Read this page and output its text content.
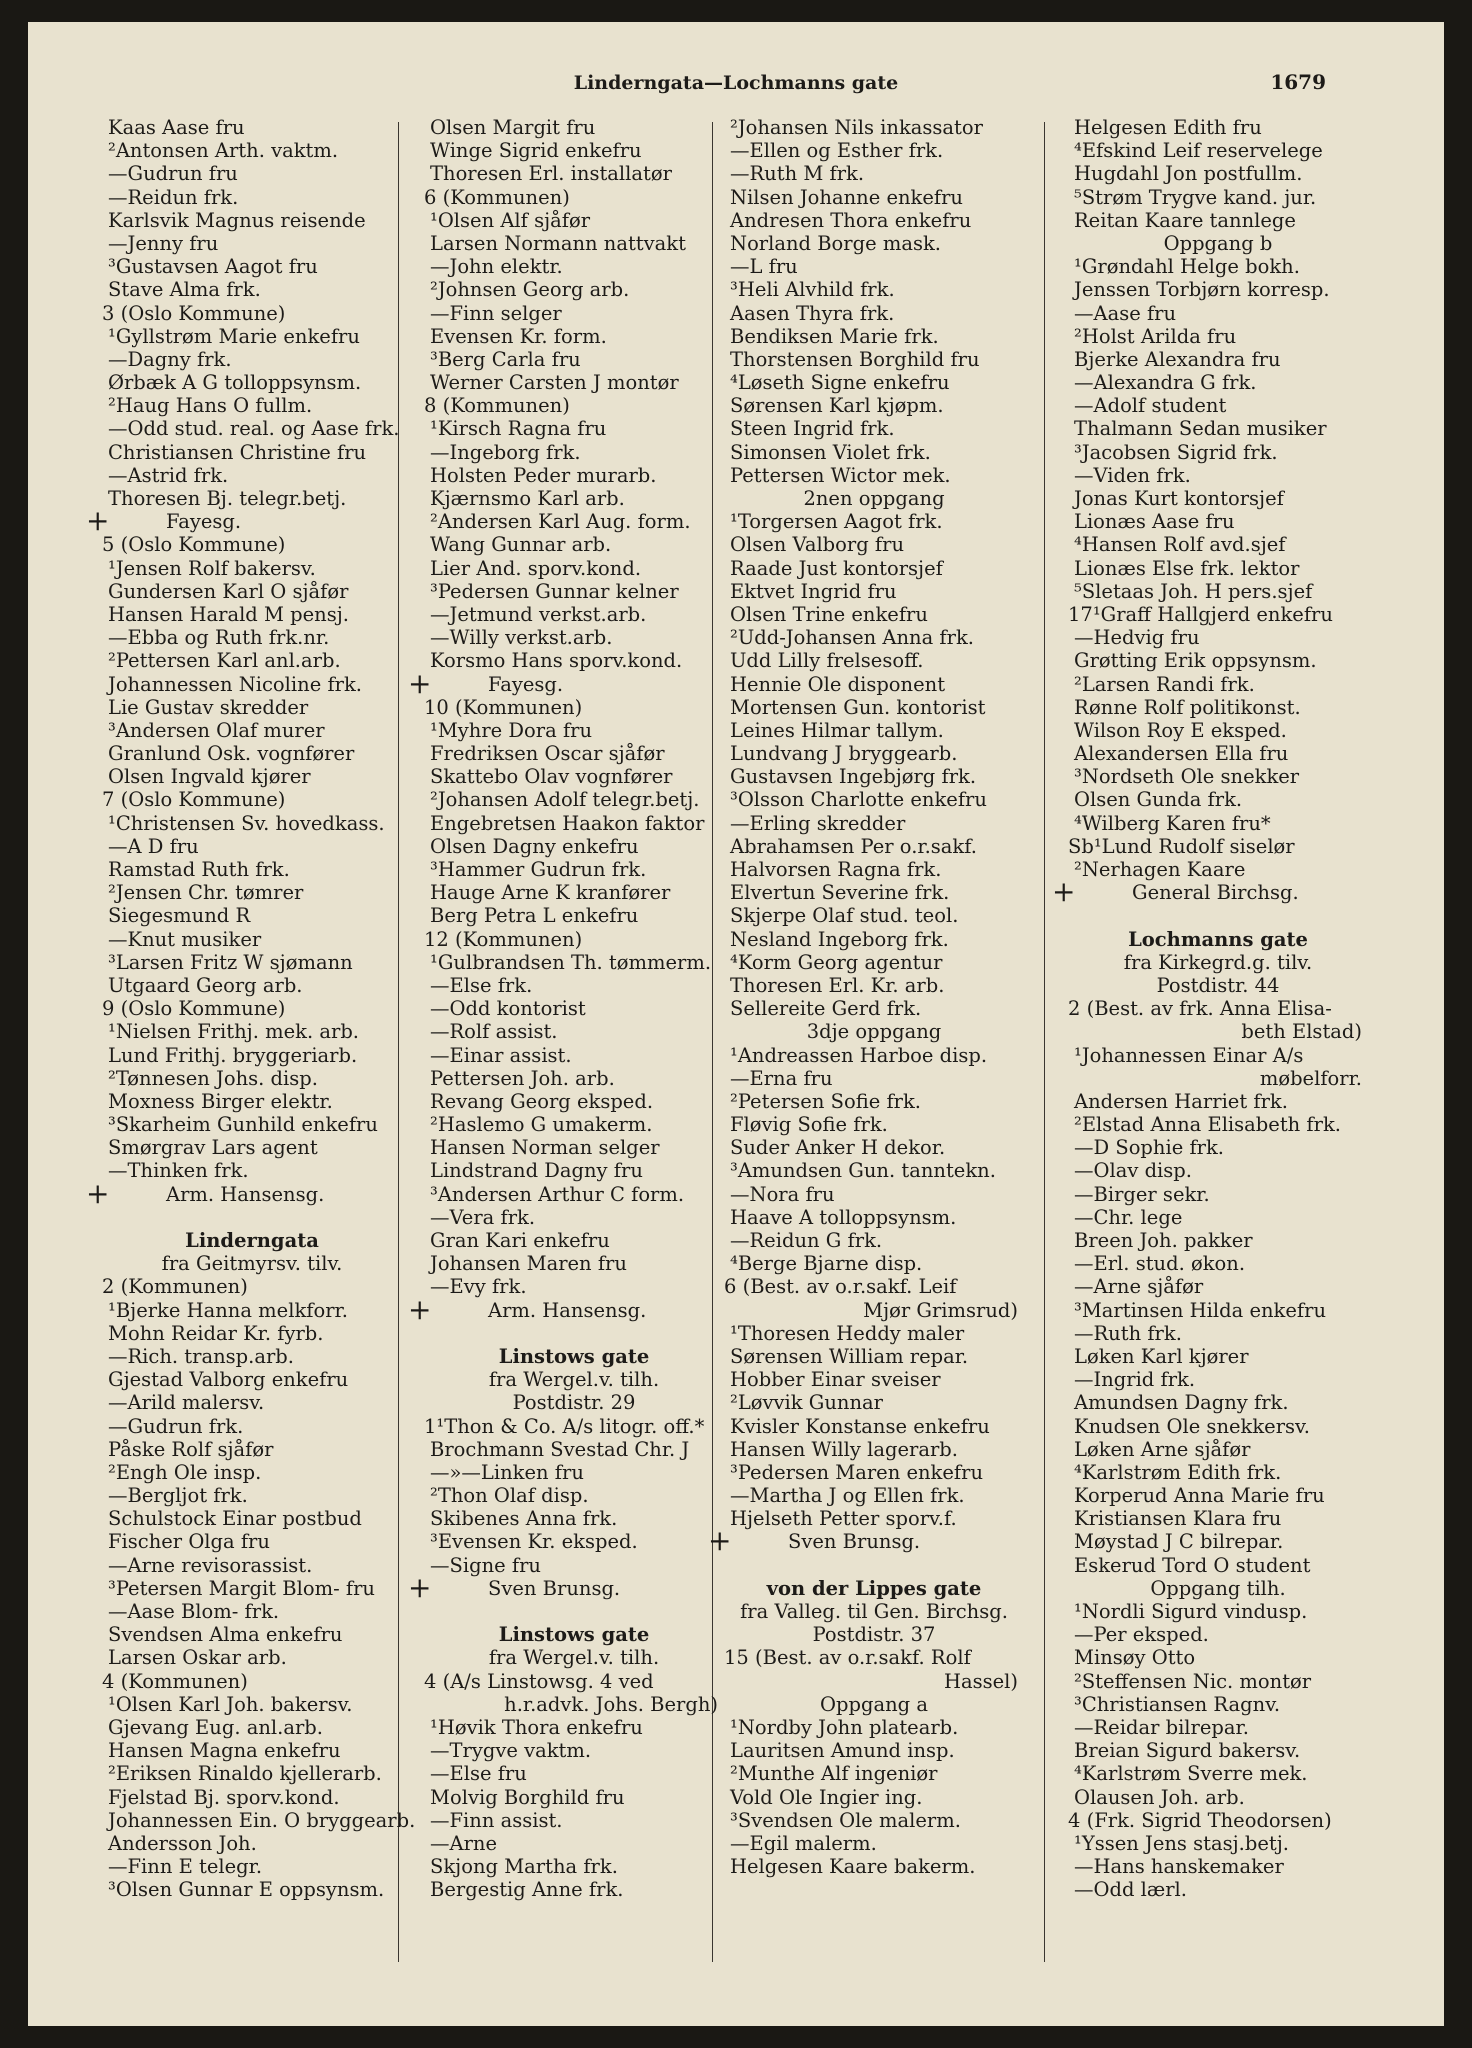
Linderngata—Lochmanns gate	1679
Kaas Aase fru
²Antonsen Arth. vaktm.
—Gudrun fru
—Reidun frk.
Karlsvik Magnus reisende
—Jenny fru
³Gustavsen Aagot fru
Stave Alma frk.
3 (Oslo Kommune)
¹Gyllstrøm Marie enkefru
—Dagny frk.
Ørbæk A G tolloppsynsm.
²Haug Hans O fullm.
—Odd stud. real. og Aase frk.
Christiansen Christine fru
—Astrid frk.
Thoresen Bj. telegr.betj.
+	Fayesg.
5 (Oslo Kommune)
¹Jensen Rolf bakersv.
Gundersen Karl O sjåfør
Hansen Harald M pensj.
—Ebba og Ruth frk.nr.
²Pettersen Karl anl.arb.
Johannessen Nicoline frk.
Lie Gustav skredder
³Andersen Olaf murer
Granlund Osk. vognfører
Olsen Ingvald kjører
7 (Oslo Kommune)
¹Christensen Sv. hovedkass.
—A D fru
Ramstad Ruth frk.
²Jensen Chr. tømrer
Siegesmund R
—Knut musiker
³Larsen Fritz W sjømann
Utgaard Georg arb.
9 (Oslo Kommune)
¹Nielsen Frithj. mek. arb.
Lund Frithj. bryggeriarb.
²Tønnesen Johs. disp.
Moxness Birger elektr.
³Skarheim Gunhild enkefru
Smørgrav Lars agent
—Thinken frk.
+	Arm. Hansensg.
Linderngata
fra Geitmyrsv. tilv.
2 (Kommunen)
¹Bjerke Hanna melkforr.
Mohn Reidar Kr. fyrb.
—Rich. transp.arb.
Gjestad Valborg enkefru
—Arild malersv.
—Gudrun frk.
Påske Rolf sjåfør
²Engh Ole insp.
—Bergljot frk.
Schulstock Einar postbud
Fischer Olga fru
—Arne revisorassist.
³Petersen Margit Blom- fru
—Aase Blom- frk.
Svendsen Alma enkefru
Larsen Oskar arb.
4 (Kommunen)
¹Olsen Karl Joh. bakersv.
Gjevang Eug. anl.arb.
Hansen Magna enkefru
²Eriksen Rinaldo kjellerarb.
Fjelstad Bj. sporv.kond.
Johannessen Ein. O bryggearb.
Andersson Joh.
—Finn E telegr.
³Olsen Gunnar E oppsynsm.
Olsen Margit fru
Winge Sigrid enkefru
Thoresen Erl. installatør
6 (Kommunen)
¹Olsen Alf sjåfør
Larsen Normann nattvakt
—John elektr.
²Johnsen Georg arb.
—Finn selger
Evensen Kr. form.
³Berg Carla fru
Werner Carsten J montør
8 (Kommunen)
¹Kirsch Ragna fru
—Ingeborg frk.
Holsten Peder murarb.
Kjærnsmo Karl arb.
²Andersen Karl Aug. form.
Wang Gunnar arb.
Lier And. sporv.kond.
³Pedersen Gunnar kelner
—Jetmund verkst.arb.
—Willy verkst.arb.
Korsmo Hans sporv.kond.
+	Fayesg.
10 (Kommunen)
¹Myhre Dora fru
Fredriksen Oscar sjåfør
Skattebo Olav vognfører
²Johansen Adolf telegr.betj.
Engebretsen Haakon faktor
Olsen Dagny enkefru
³Hammer Gudrun frk.
Hauge Arne K kranfører
Berg Petra L enkefru
12 (Kommunen)
¹Gulbrandsen Th. tømmerm.
—Else frk.
—Odd kontorist
—Rolf assist.
—Einar assist.
Pettersen Joh. arb.
Revang Georg eksped.
²Haslemo G umakerm.
Hansen Norman selger
Lindstrand Dagny fru
³Andersen Arthur C form.
—Vera frk.
Gran Kari enkefru
Johansen Maren fru
—Evy frk.
+	Arm. Hansensg.
Linstows gate
fra Wergel.v. tilh.
Postdistr. 29
1¹Thon & Co. A/s litogr. off.*
Brochmann Svestad Chr. J
—»—Linken fru
²Thon Olaf disp.
Skibenes Anna frk.
³Evensen Kr. eksped.
—Signe fru
+	Sven Brunsg.
Linstows gate
fra Wergel.v. tilh.
4 (A/s Linstowsg. 4 ved
h.r.advk. Johs. Bergh)
¹Høvik Thora enkefru
—Trygve vaktm.
—Else fru
Molvig Borghild fru
—Finn assist.
—Arne
Skjong Martha frk.
Bergestig Anne frk.
²Johansen Nils inkassator
—Ellen og Esther frk.
—Ruth M frk.
Nilsen Johanne enkefru
Andresen Thora enkefru
Norland Borge mask.
—L fru
³Heli Alvhild frk.
Aasen Thyra frk.
Bendiksen Marie frk.
Thorstensen Borghild fru
⁴Løseth Signe enkefru
Sørensen Karl kjøpm.
Steen Ingrid frk.
Simonsen Violet frk.
Pettersen Wictor mek.
2nen oppgang
¹Torgersen Aagot frk.
Olsen Valborg fru
Raade Just kontorsjef
Ektvet Ingrid fru
Olsen Trine enkefru
²Udd-Johansen Anna frk.
Udd Lilly frelsesoff.
Hennie Ole disponent
Mortensen Gun. kontorist
Leines Hilmar tallym.
Lundvang J bryggearb.
Gustavsen Ingebjørg frk.
³Olsson Charlotte enkefru
—Erling skredder
Abrahamsen Per o.r.sakf.
Halvorsen Ragna frk.
Elvertun Severine frk.
Skjerpe Olaf stud. teol.
Nesland Ingeborg frk.
⁴Korm Georg agentur
Thoresen Erl. Kr. arb.
Sellereite Gerd frk.
3dje oppgang
¹Andreassen Harboe disp.
—Erna fru
²Petersen Sofie frk.
Fløvig Sofie frk.
Suder Anker H dekor.
³Amundsen Gun. tanntekn.
—Nora fru
Haave A tolloppsynsm.
—Reidun G frk.
⁴Berge Bjarne disp.
6 (Best. av o.r.sakf. Leif
Mjør Grimsrud)
¹Thoresen Heddy maler
Sørensen William repar.
Hobber Einar sveiser
²Løvvik Gunnar
Kvisler Konstanse enkefru
Hansen Willy lagerarb.
³Pedersen Maren enkefru
—Martha J og Ellen frk.
Hjelseth Petter sporv.f.
+	Sven Brunsg.
von der Lippes gate
fra Valleg. til Gen. Birchsg.
Postdistr. 37
15 (Best. av o.r.sakf. Rolf
Hassel)
Oppgang a
¹Nordby John platearb.
Lauritsen Amund insp.
²Munthe Alf ingeniør
Vold Ole Ingier ing.
³Svendsen Ole malerm.
—Egil malerm.
Helgesen Kaare bakerm.
Helgesen Edith fru
⁴Efskind Leif reservelege
Hugdahl Jon postfullm.
⁵Strøm Trygve kand. jur.
Reitan Kaare tannlege
Oppgang b
¹Grøndahl Helge bokh.
Jenssen Torbjørn korresp.
—Aase fru
²Holst Arilda fru
Bjerke Alexandra fru
—Alexandra G frk.
—Adolf student
Thalmann Sedan musiker
³Jacobsen Sigrid frk.
—Viden frk.
Jonas Kurt kontorsjef
Lionæs Aase fru
⁴Hansen Rolf avd.sjef
Lionæs Else frk. lektor
⁵Sletaas Joh. H pers.sjef
17¹Graff Hallgjerd enkefru
—Hedvig fru
Grøtting Erik oppsynsm.
²Larsen Randi frk.
Rønne Rolf politikonst.
Wilson Roy E eksped.
Alexandersen Ella fru
³Nordseth Ole snekker
Olsen Gunda frk.
⁴Wilberg Karen fru*
Sb¹Lund Rudolf siselør
²Nerhagen Kaare
+	General Birchsg.
Lochmanns gate
fra Kirkegrd.g. tilv.
Postdistr. 44
2 (Best. av frk. Anna Elisa-
beth Elstad)
¹Johannessen Einar A/s
møbelforr.
Andersen Harriet frk.
²Elstad Anna Elisabeth frk.
—D Sophie frk.
—Olav disp.
—Birger sekr.
—Chr. lege
Breen Joh. pakker
—Erl. stud. økon.
—Arne sjåfør
³Martinsen Hilda enkefru
—Ruth frk.
Løken Karl kjører
—Ingrid frk.
Amundsen Dagny frk.
Knudsen Ole snekkersv.
Løken Arne sjåfør
⁴Karlstrøm Edith frk.
Korperud Anna Marie fru
Kristiansen Klara fru
Møystad J C bilrepar.
Eskerud Tord O student
Oppgang tilh.
¹Nordli Sigurd vindusp.
—Per eksped.
Minsøy Otto
²Steffensen Nic. montør
³Christiansen Ragnv.
—Reidar bilrepar.
Breian Sigurd bakersv.
⁴Karlstrøm Sverre mek.
Olausen Joh. arb.
4 (Frk. Sigrid Theodorsen)
¹Yssen Jens stasj.betj.
—Hans hanskemaker
—Odd lærl.
